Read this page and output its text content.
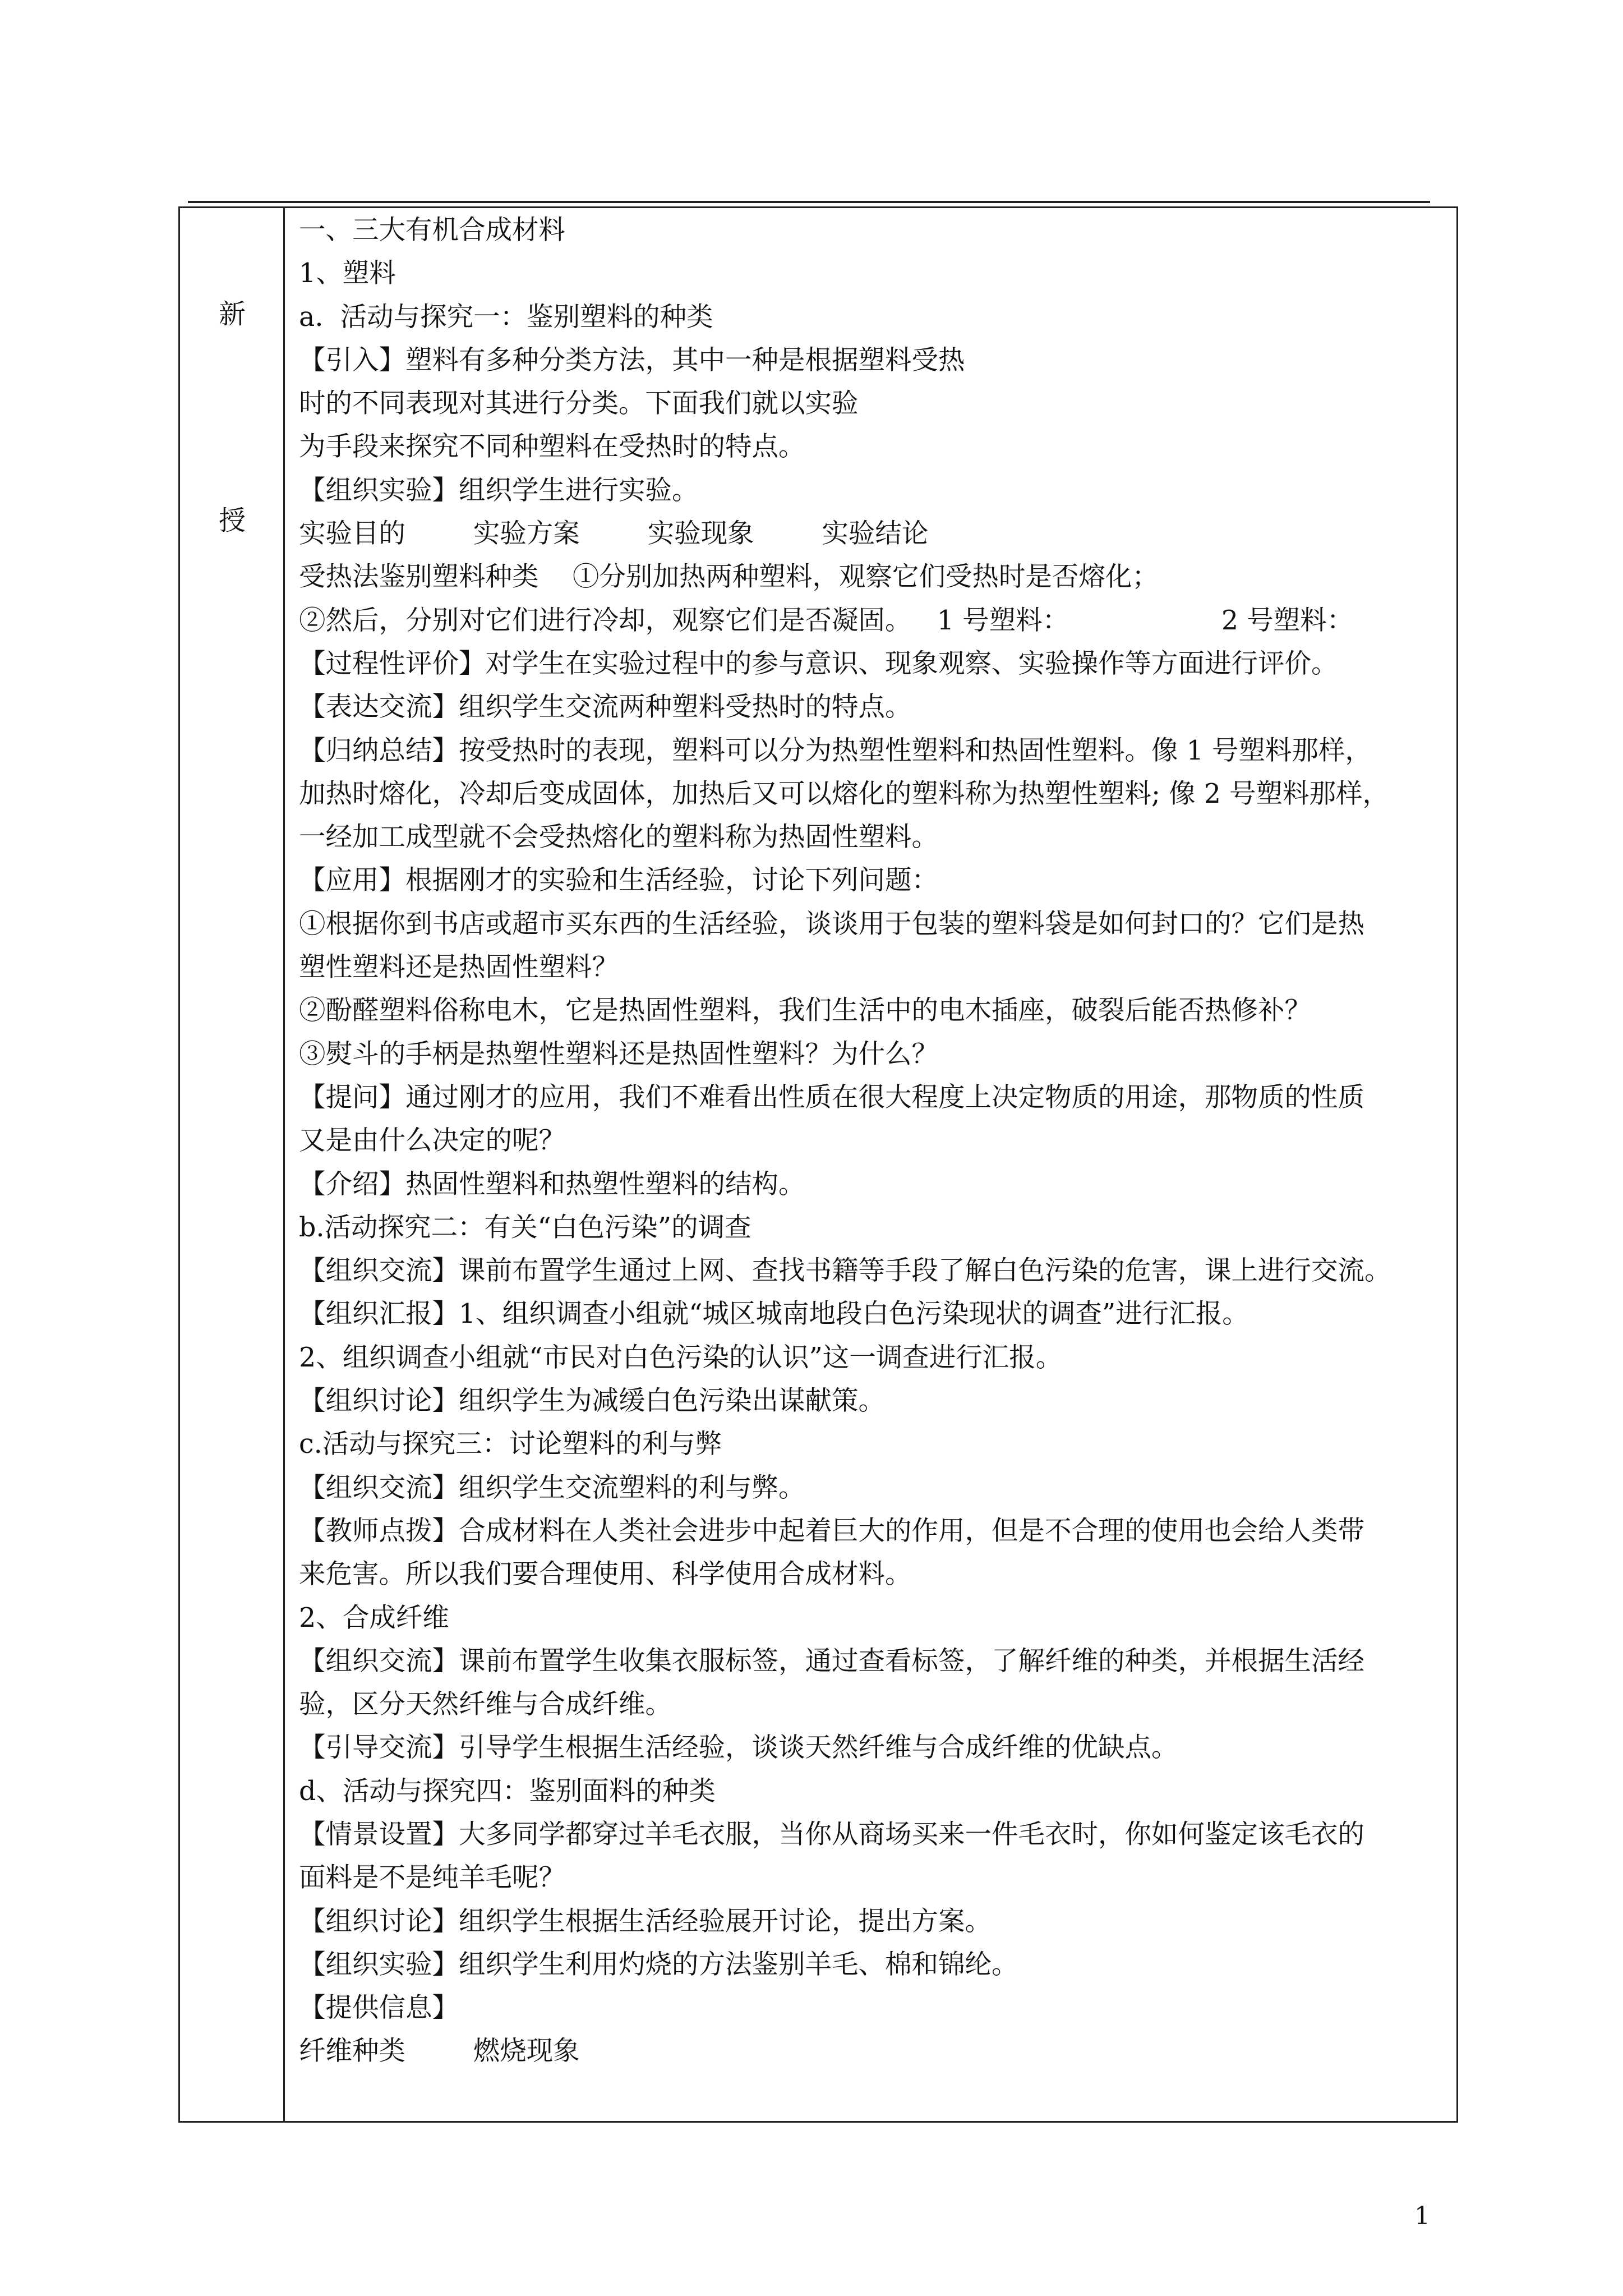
新
授
一、三大有机合成材料
1、塑料
a.  活动与探究一：鉴别塑料的种类
【引入】塑料有多种分类方法，其中一种是根据塑料受热
时的不同表现对其进行分类。下面我们就以实验
为手段来探究不同种塑料在受热时的特点。
【组织实验】组织学生进行实验。
实验目的        实验方案        实验现象        实验结论
受热法鉴别塑料种类    ①分别加热两种塑料，观察它们受热时是否熔化；
②然后，分别对它们进行冷却，观察它们是否凝固。   1 号塑料：                  2 号塑料：
【过程性评价】对学生在实验过程中的参与意识、现象观察、实验操作等方面进行评价。
【表达交流】组织学生交流两种塑料受热时的特点。
【归纳总结】按受热时的表现，塑料可以分为热塑性塑料和热固性塑料。像 1 号塑料那样，
加热时熔化，冷却后变成固体，加热后又可以熔化的塑料称为热塑性塑料; 像 2 号塑料那样，
一经加工成型就不会受热熔化的塑料称为热固性塑料。
【应用】根据刚才的实验和生活经验，讨论下列问题：
①根据你到书店或超市买东西的生活经验，谈谈用于包装的塑料袋是如何封口的？它们是热
塑性塑料还是热固性塑料？
②酚醛塑料俗称电木，它是热固性塑料，我们生活中的电木插座，破裂后能否热修补？
③熨斗的手柄是热塑性塑料还是热固性塑料？为什么？
【提问】通过刚才的应用，我们不难看出性质在很大程度上决定物质的用途，那物质的性质
又是由什么决定的呢？
【介绍】热固性塑料和热塑性塑料的结构。
b.活动探究二：有关“白色污染”的调查
【组织交流】课前布置学生通过上网、查找书籍等手段了解白色污染的危害，课上进行交流。
【组织汇报】1、组织调查小组就“城区城南地段白色污染现状的调查”进行汇报。
2、组织调查小组就“市民对白色污染的认识”这一调查进行汇报。
【组织讨论】组织学生为减缓白色污染出谋献策。
c.活动与探究三：讨论塑料的利与弊
【组织交流】组织学生交流塑料的利与弊。
【教师点拨】合成材料在人类社会进步中起着巨大的作用，但是不合理的使用也会给人类带
来危害。所以我们要合理使用、科学使用合成材料。
2、合成纤维
【组织交流】课前布置学生收集衣服标签，通过查看标签，了解纤维的种类，并根据生活经
验，区分天然纤维与合成纤维。
【引导交流】引导学生根据生活经验，谈谈天然纤维与合成纤维的优缺点。
d、活动与探究四：鉴别面料的种类
【情景设置】大多同学都穿过羊毛衣服，当你从商场买来一件毛衣时，你如何鉴定该毛衣的
面料是不是纯羊毛呢？
【组织讨论】组织学生根据生活经验展开讨论，提出方案。
【组织实验】组织学生利用灼烧的方法鉴别羊毛、棉和锦纶。
【提供信息】
纤维种类        燃烧现象
1
